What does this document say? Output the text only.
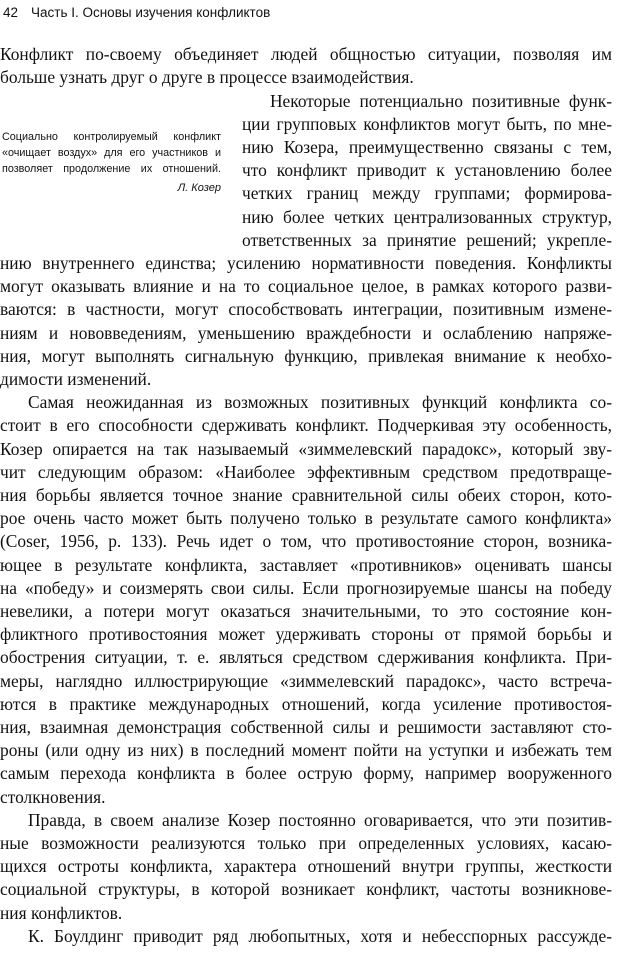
42 Часть I. Основы изучения конфликтов
Социально контролируемый конфликт
«очищает воздух» для его участников и
позволяет продолжение их отношений.
Л. Козер
Конфликт по-своему объединяет людей общностью ситуации, позволяя им
больше узнать друг о друге в процессе взаимодействия.
Некоторые потенциально позитивные функ-
ции групповых конфликтов могут быть, по мне-
нию Козера, преимущественно связаны с тем,
что конфликт приводит к установлению более
четких границ между группами; формирова-
нию более четких централизованных структур,
ответственных за принятие решений; укрепле-
нию внутреннего единства; усилению нормативности поведения. Конфликты
могут оказывать влияние и на то социальное целое, в рамках которого разви-
ваются: в частности, могут способствовать интеграции, позитивным измене-
ниям и нововведениям, уменьшению враждебности и ослаблению напряже-
ния, могут выполнять сигнальную функцию, привлекая внимание к необхо-
димости изменений.
Самая неожиданная из возможных позитивных функций конфликта со-
стоит в его способности сдерживать конфликт. Подчеркивая эту особенность,
Козер опирается на так называемый «зиммелевский парадокс», который зву-
чит следующим образом: «Наиболее эффективным средством предотвраще-
ния борьбы является точное знание сравнительной силы обеих сторон, кото-
рое очень часто может быть получено только в результате самого конфликта»
(Coser, 1956, p. 133). Речь идет о том, что противостояние сторон, возника-
ющее в результате конфликта, заставляет «противников» оценивать шансы
на «победу» и соизмерять свои силы. Если прогнозируемые шансы на победу
невелики, а потери могут оказаться значительными, то это состояние кон-
фликтного противостояния может удерживать стороны от прямой борьбы и
обострения ситуации, т. е. являться средством сдерживания конфликта. При-
меры, наглядно иллюстрирующие «зиммелевский парадокс», часто встреча-
ются в практике международных отношений, когда усиление противостоя-
ния, взаимная демонстрация собственной силы и решимости заставляют сто-
роны (или одну из них) в последний момент пойти на уступки и избежать тем
самым перехода конфликта в более острую форму, например вооруженного
столкновения.
Правда, в своем анализе Козер постоянно оговаривается, что эти позитив-
ные возможности реализуются только при определенных условиях, касаю-
щихся остроты конфликта, характера отношений внутри группы, жесткости
социальной структуры, в которой возникает конфликт, частоты возникнове-
ния конфликтов.
К. Боулдинг приводит ряд любопытных, хотя и небесспорных рассужде-
